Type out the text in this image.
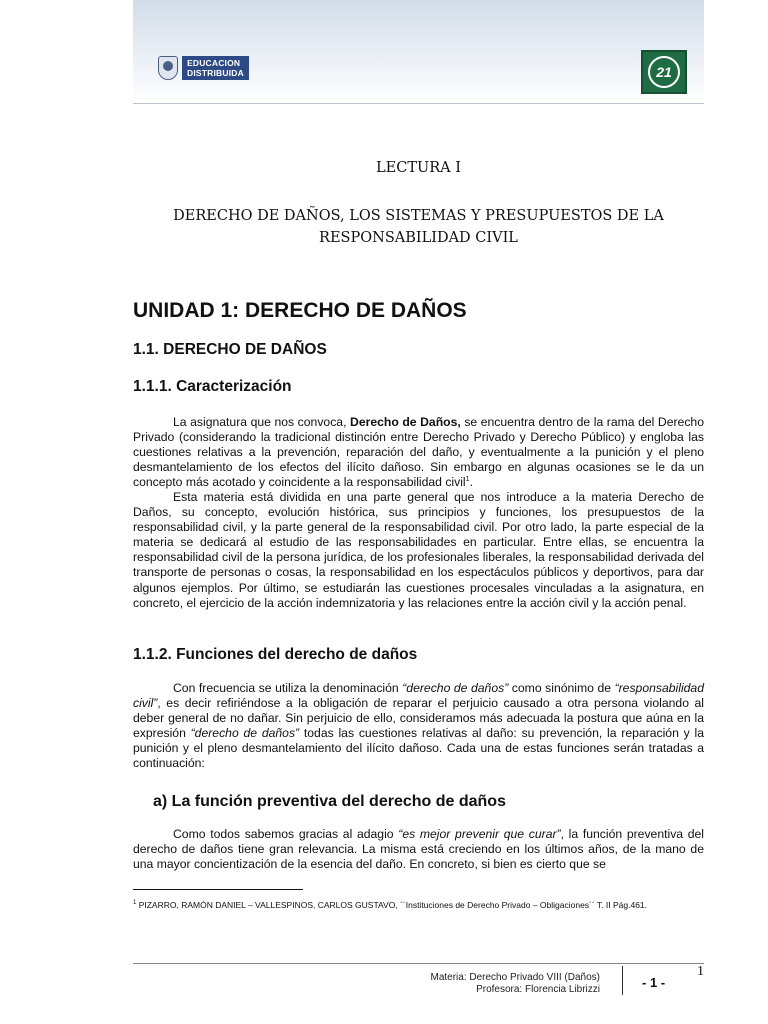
EDUCACION
DISTRIBUIDA	21
LECTURA I
DERECHO DE DAÑOS, LOS SISTEMAS Y PRESUPUESTOS DE LA
RESPONSABILIDAD CIVIL
UNIDAD 1: DERECHO DE DAÑOS
1.1. DERECHO DE DAÑOS
1.1.1. Caracterización

La asignatura que nos convoca, Derecho de Daños, se encuentra dentro de la rama del Derecho Privado (considerando la tradicional distinción entre Derecho Privado y Derecho Público) y engloba las cuestiones relativas a la prevención, reparación del daño, y eventualmente a la punición y el pleno desmantelamiento de los efectos del ilícito dañoso. Sin embargo en algunas ocasiones se le da un concepto más acotado y coincidente a la responsabilidad civil$^1$.

Esta materia está dividida en una parte general que nos introduce a la materia Derecho de Daños, su concepto, evolución histórica, sus principios y funciones, los presupuestos de la responsabilidad civil, y la parte general de la responsabilidad civil. Por otro lado, la parte especial de la materia se dedicará al estudio de las responsabilidades en particular. Entre ellas, se encuentra la responsabilidad civil de la persona jurídica, de los profesionales liberales, la responsabilidad derivada del transporte de personas o cosas, la responsabilidad en los espectáculos públicos y deportivos, para dar algunos ejemplos. Por último, se estudiarán las cuestiones procesales vinculadas a la asignatura, en concreto, el ejercicio de la acción indemnizatoria y las relaciones entre la acción civil y la acción penal.

1.1.2. Funciones del derecho de daños

Con frecuencia se utiliza la denominación “derecho de daños” como sinónimo de “responsabilidad civil”, es decir refiriéndose a la obligación de reparar el perjuicio causado a otra persona violando al deber general de no dañar. Sin perjuicio de ello, consideramos más adecuada la postura que aúna en la expresión “derecho de daños” todas las cuestiones relativas al daño: su prevención, la reparación y la punición y el pleno desmantelamiento del ilícito dañoso. Cada una de estas funciones serán tratadas a continuación:

a) La función preventiva del derecho de daños

Como todos sabemos gracias al adagio “es mejor prevenir que curar”, la función preventiva del derecho de daños tiene gran relevancia. La misma está creciendo en los últimos años, de la mano de una mayor concientización de la esencia del daño. En concreto, si bien es cierto que se

$^1$ PIZARRO, RAMÓN DANIEL – VALLESPINOS, CARLOS GUSTAVO, ´´Instituciones de Derecho Privado – Obligaciones´´ T. II Pág.461.

Materia: Derecho Privado VIII (Daños)
Profesora: Florencia Librizzi	- 1 -
1
